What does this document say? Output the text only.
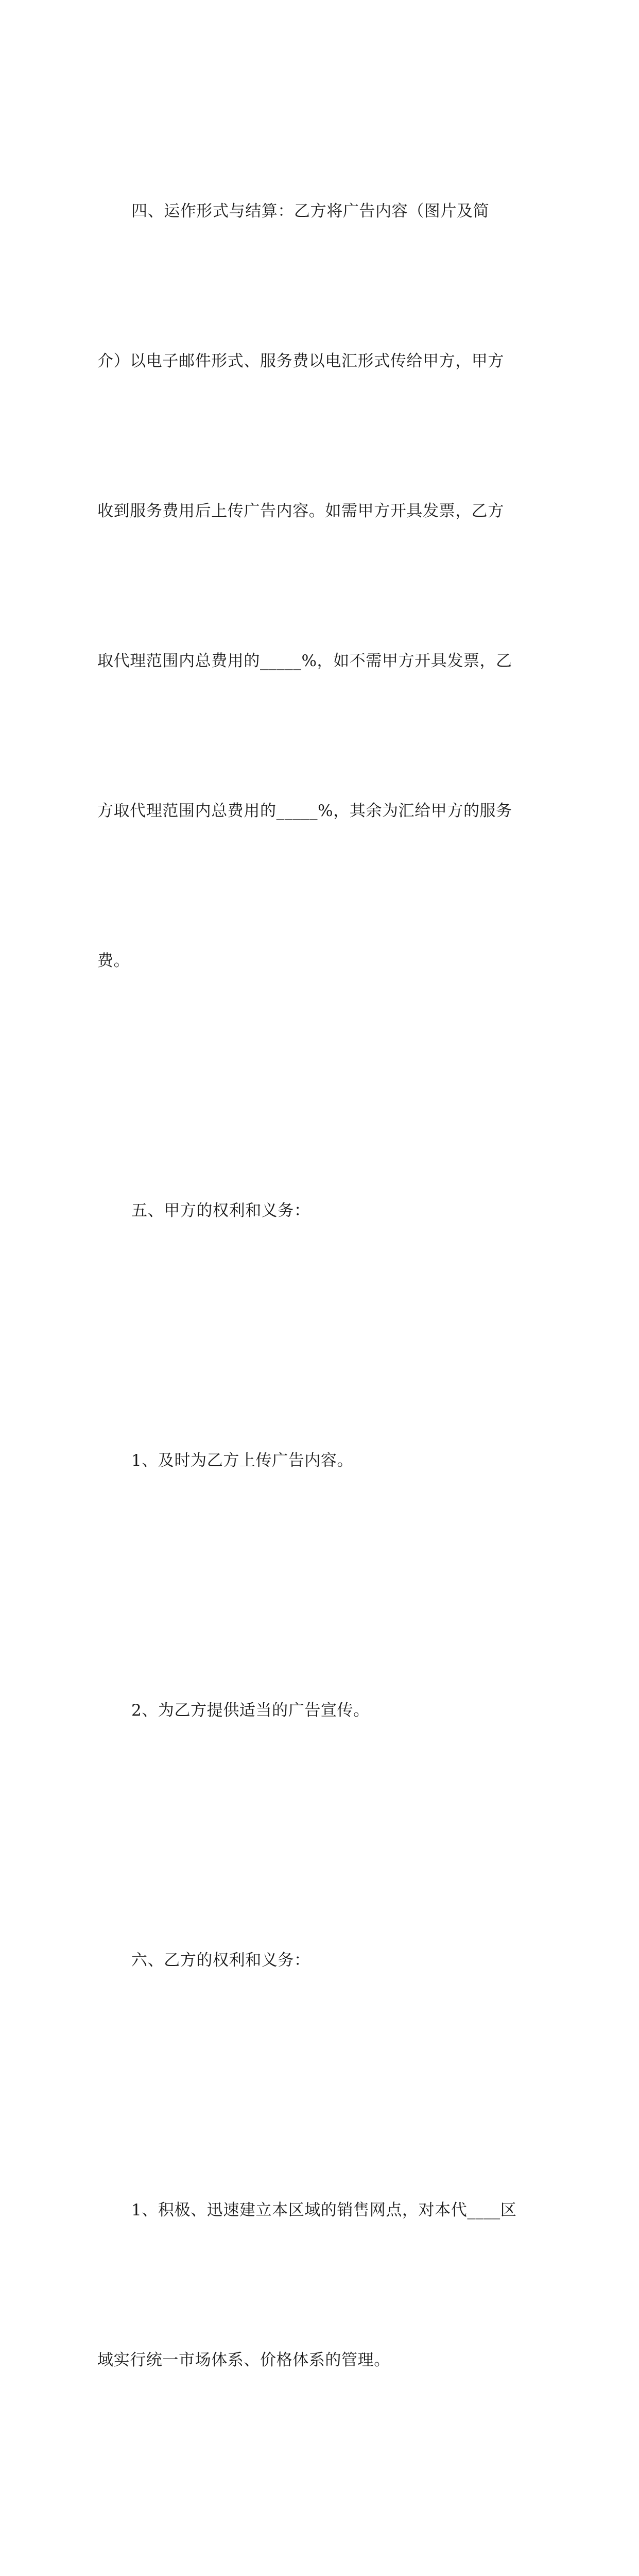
四、运作形式与结算：乙方将广告内容（图片及简

介）以电子邮件形式、服务费以电汇形式传给甲方，甲方

收到服务费用后上传广告内容。如需甲方开具发票，乙方

取代理范围内总费用的_____%，如不需甲方开具发票，乙

方取代理范围内总费用的_____%，其余为汇给甲方的服务

费。

五、甲方的权利和义务：

1、及时为乙方上传广告内容。

2、为乙方提供适当的广告宣传。

六、乙方的权利和义务：

1、积极、迅速建立本区域的销售网点，对本代____区

域实行统一市场体系、价格体系的管理。
